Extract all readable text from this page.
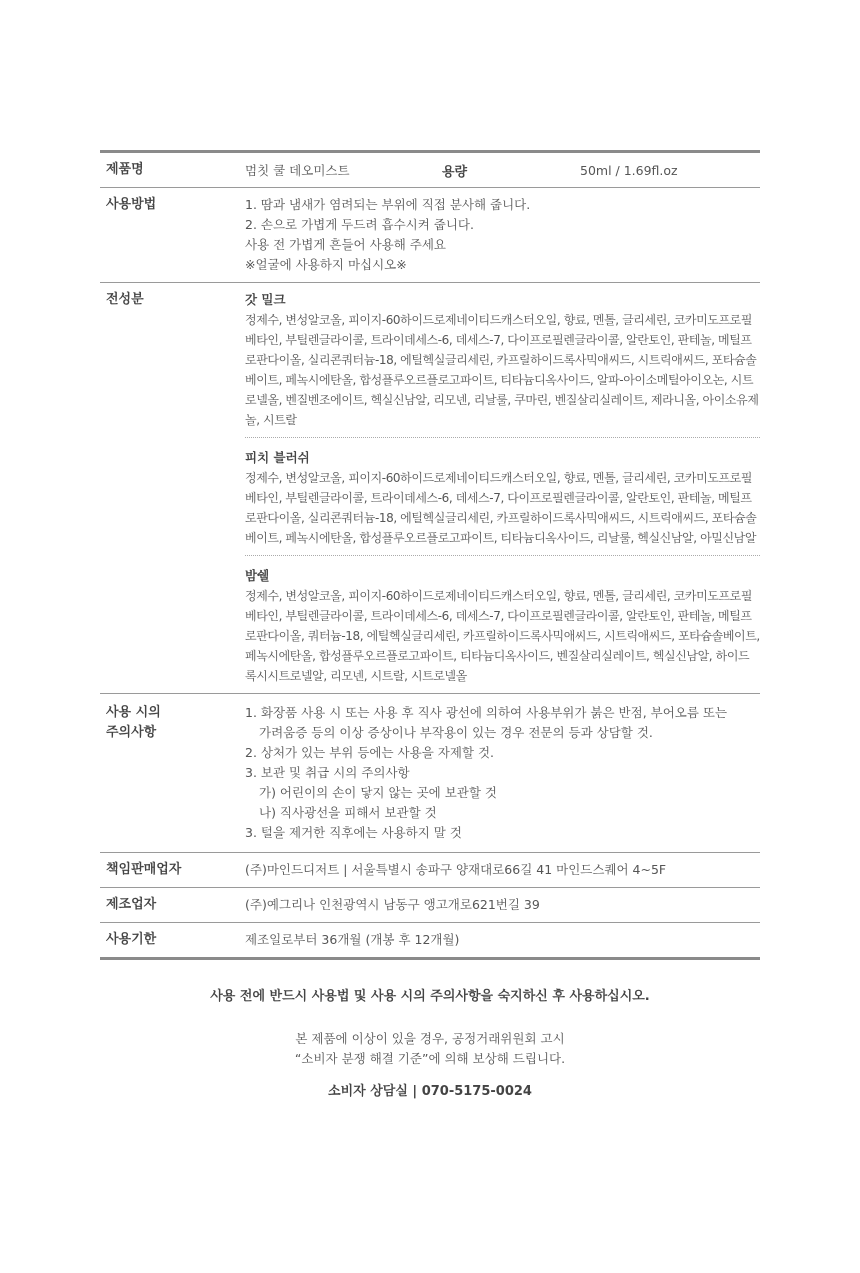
제품명	멈칫 쿨 데오미스트	용량	50ml / 1.69fl.oz
사용방법	1. 땀과 냄새가 염려되는 부위에 직접 분사해 줍니다.
2. 손으로 가볍게 두드려 흡수시켜 줍니다.
사용 전 가볍게 흔들어 사용해 주세요
※얼굴에 사용하지 마십시오※
전성분	갓 밀크
정제수, 변성알코올, 피이지-60하이드로제네이티드캐스터오일, 향료, 멘톨, 글리세린, 코카미도프로필베타인, 부틸렌글라이콜, 트라이데세스-6, 데세스-7, 다이프로필렌글라이콜, 알란토인, 판테놀, 메틸프로판다이올, 실리콘쿼터늄-18, 에틸헥실글리세린, 카프릴하이드록사믹애씨드, 시트릭애씨드, 포타슘솔베이트, 페녹시에탄올, 합성플루오르플로고파이트, 티타늄디옥사이드, 알파-아이소메틸아이오논, 시트로넬올, 벤질벤조에이트, 헥실신남알, 리모넨, 리날룰, 쿠마린, 벤질살리실레이트, 제라니올, 아이소유제놀, 시트랄
피치 블러쉬
정제수, 변성알코올, 피이지-60하이드로제네이티드캐스터오일, 향료, 멘톨, 글리세린, 코카미도프로필베타인, 부틸렌글라이콜, 트라이데세스-6, 데세스-7, 다이프로필렌글라이콜, 알란토인, 판테놀, 메틸프로판다이올, 실리콘쿼터늄-18, 에틸헥실글리세린, 카프릴하이드록사믹애씨드, 시트릭애씨드, 포타슘솔베이트, 페녹시에탄올, 합성플루오르플로고파이트, 티타늄디옥사이드, 리날룰, 헥실신남알, 아밀신남알
밤쉘
정제수, 변성알코올, 피이지-60하이드로제네이티드캐스터오일, 향료, 멘톨, 글리세린, 코카미도프로필베타인, 부틸렌글라이콜, 트라이데세스-6, 데세스-7, 다이프로필렌글라이콜, 알란토인, 판테놀, 메틸프로판다이올, 쿼터늄-18, 에틸헥실글리세린, 카프릴하이드록사믹애씨드, 시트릭애씨드, 포타슘솔베이트, 페녹시에탄올, 합성플루오르플로고파이트, 티타늄디옥사이드, 벤질살리실레이트, 헥실신남알, 하이드록시시트로넬알, 리모넨, 시트랄, 시트로넬올
사용 시의
주의사항
1. 화장품 사용 시 또는 사용 후 직사 광선에 의하여 사용부위가 붉은 반점, 부어오름 또는
가려움증 등의 이상 증상이나 부작용이 있는 경우 전문의 등과 상담할 것.
2. 상처가 있는 부위 등에는 사용을 자제할 것.
3. 보관 및 취급 시의 주의사항
가) 어린이의 손이 닿지 않는 곳에 보관할 것
나) 직사광선을 피해서 보관할 것
3. 털을 제거한 직후에는 사용하지 말 것
책임판매업자	(주)마인드디저트 | 서울특별시 송파구 양재대로66길 41 마인드스퀘어 4~5F
제조업자	(주)예그리나 인천광역시 남동구 앵고개로621번길 39
사용기한	제조일로부터 36개월 (개봉 후 12개월)
사용 전에 반드시 사용법 및 사용 시의 주의사항을 숙지하신 후 사용하십시오.
본 제품에 이상이 있을 경우, 공정거래위원회 고시
“소비자 분쟁 해결 기준”에 의해 보상해 드립니다.
소비자 상담실 | 070-5175-0024
